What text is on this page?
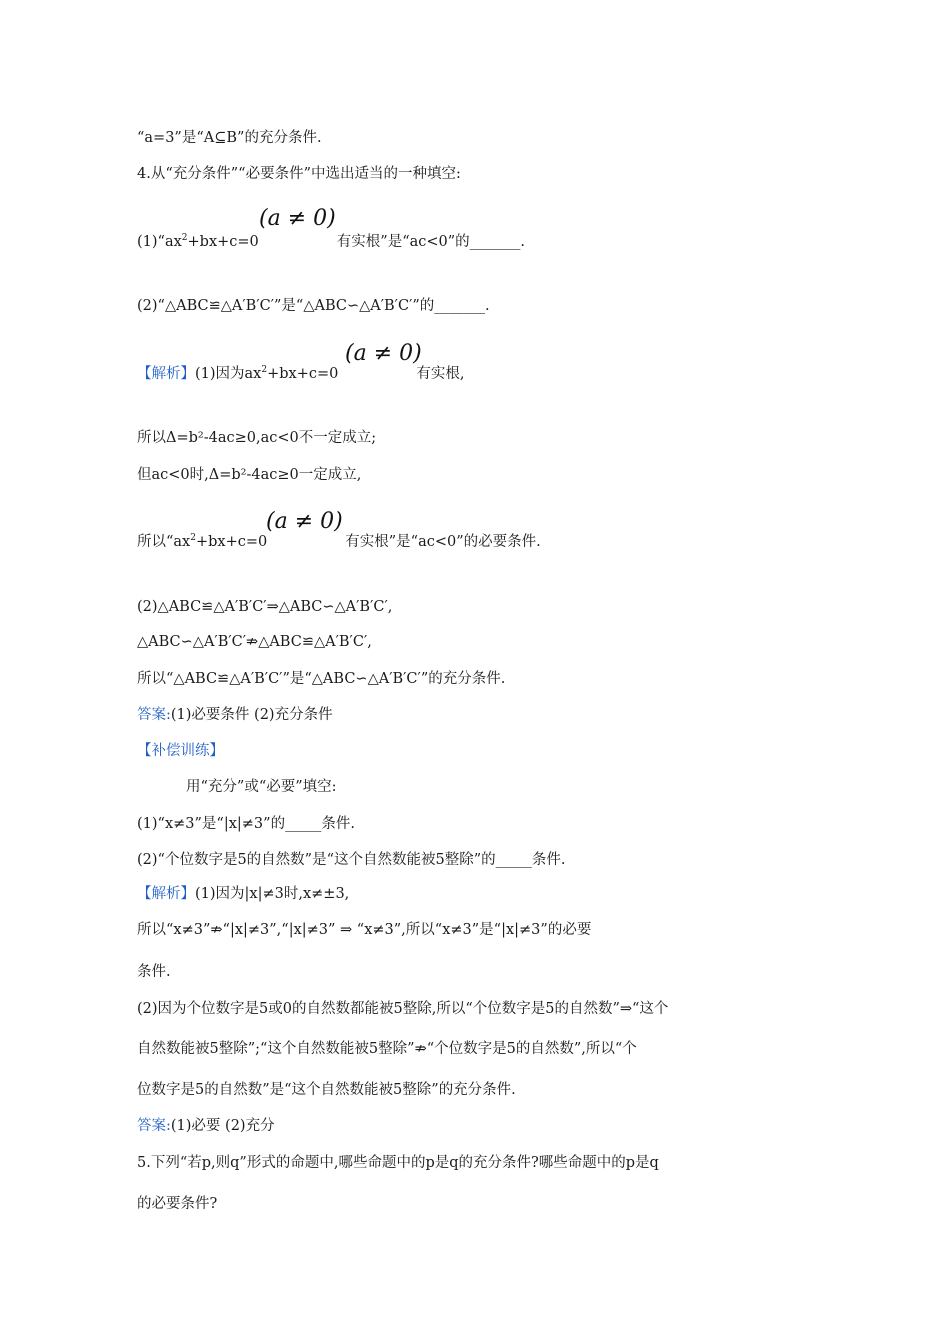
“a=3”是“A⊆B”的充分条件.
4.从“充分条件”“必要条件”中选出适当的一种填空:
$(1)“ax^2+bx+c=0$	有实根”是“ac<0”的_______.
(a ≠ 0)
(2)“△ABC≌△A′B′C′”是“△ABC∽△A′B′C′”的_______.
【解析】(1)因为$ax^2+bx+c=0$	有实根,
(a ≠ 0)
所以Δ=b²-4ac≥0,ac<0不一定成立;
但ac<0时,Δ=b²-4ac≥0一定成立,
所以“$ax^2+bx+c=0$	有实根”是“ac<0”的必要条件.
(a ≠ 0)
(2)△ABC≌△A′B′C′⇒△ABC∽△A′B′C′,
△ABC∽△A′B′C′⇏△ABC≌△A′B′C′,
所以“△ABC≌△A′B′C′”是“△ABC∽△A′B′C′”的充分条件.
答案:(1)必要条件 (2)充分条件
【补偿训练】
用“充分”或“必要”填空:
(1)“x≠3”是“|x|≠3”的_____条件.
(2)“个位数字是5的自然数”是“这个自然数能被5整除”的_____条件.
【解析】(1)因为|x|≠3时,x≠±3,
所以“x≠3”⇏“|x|≠3”,“|x|≠3” ⇒ “x≠3”,所以“x≠3”是“|x|≠3”的必要
条件.
(2)因为个位数字是5或0的自然数都能被5整除,所以“个位数字是5的自然数”⇒“这个
自然数能被5整除”;“这个自然数能被5整除”⇏“个位数字是5的自然数”,所以“个
位数字是5的自然数”是“这个自然数能被5整除”的充分条件.
答案:(1)必要 (2)充分
5.下列“若p,则q”形式的命题中,哪些命题中的p是q的充分条件?哪些命题中的p是q
的必要条件?
